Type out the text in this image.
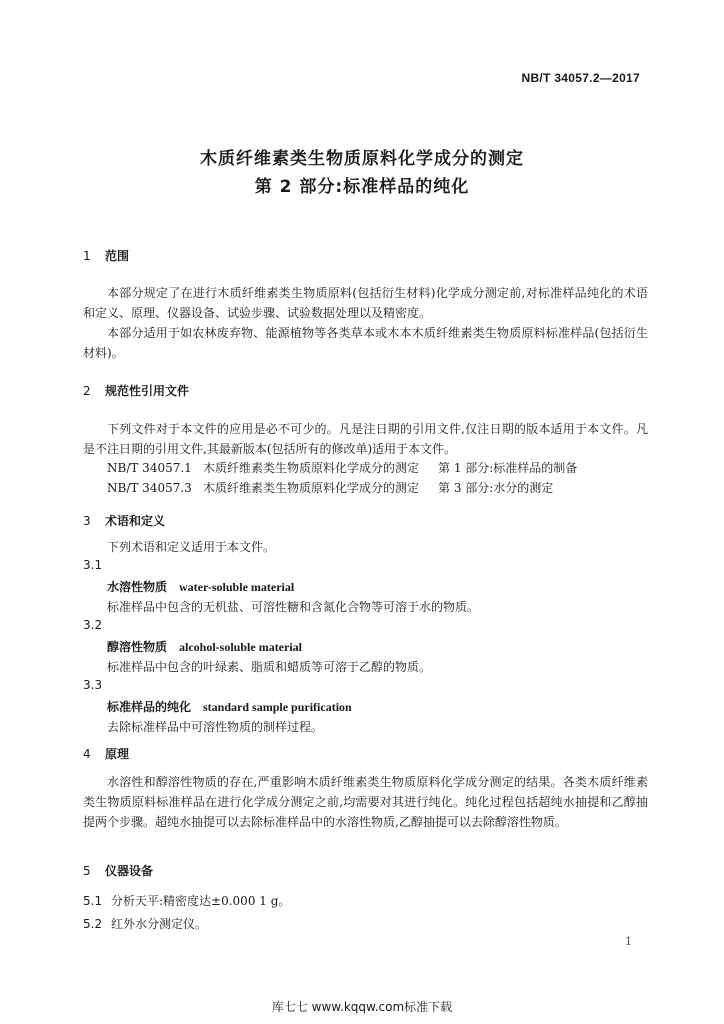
NB/T 34057.2—2017
木质纤维素类生物质原料化学成分的测定
第 2 部分:标准样品的纯化
1 范围
本部分规定了在进行木质纤维素类生物质原料(包括衍生材料)化学成分测定前,对标准样品纯化的术语和定义、原理、仪器设备、试验步骤、试验数据处理以及精密度。
本部分适用于如农林废弃物、能源植物等各类草本或木本木质纤维素类生物质原料标准样品(包括衍生材料)。
2 规范性引用文件
下列文件对于本文件的应用是必不可少的。凡是注日期的引用文件,仅注日期的版本适用于本文件。凡是不注日期的引用文件,其最新版本(包括所有的修改单)适用于本文件。
NB/T 34057.1 木质纤维素类生物质原料化学成分的测定 第 1 部分:标准样品的制备
NB/T 34057.3 木质纤维素类生物质原料化学成分的测定 第 3 部分:水分的测定
3 术语和定义
下列术语和定义适用于本文件。
3.1
水溶性物质 water-soluble material
标准样品中包含的无机盐、可溶性糖和含氮化合物等可溶于水的物质。
3.2
醇溶性物质 alcohol-soluble material
标准样品中包含的叶绿素、脂质和蜡质等可溶于乙醇的物质。
3.3
标准样品的纯化 standard sample purification
去除标准样品中可溶性物质的制样过程。
4 原理
水溶性和醇溶性物质的存在,严重影响木质纤维素类生物质原料化学成分测定的结果。各类木质纤维素类生物质原料标准样品在进行化学成分测定之前,均需要对其进行纯化。纯化过程包括超纯水抽提和乙醇抽提两个步骤。超纯水抽提可以去除标准样品中的水溶性物质,乙醇抽提可以去除醇溶性物质。
5 仪器设备
5.1 分析天平:精密度达±0.000 1 g。
5.2 红外水分测定仪。
1
库七七 www.kqqw.com标准下载
